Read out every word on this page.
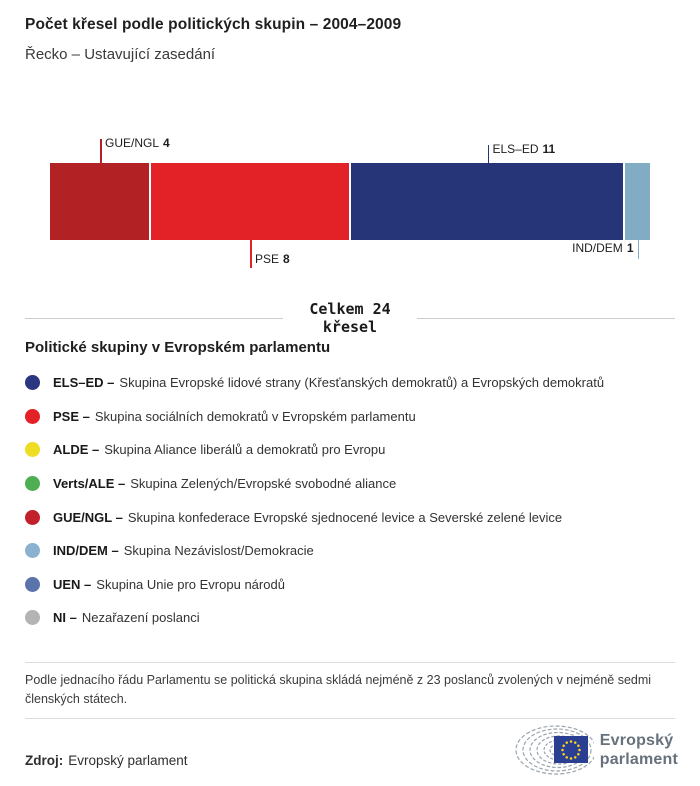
Počet křesel podle politických skupin – 2004–2009
Řecko – Ustavující zasedání
GUE/NGL 4
PSE 8
ELS–ED 11
IND/DEM 1
Celkem 24
křesel
Politické skupiny v Evropském parlamentu
ELS–ED – Skupina Evropské lidové strany (Křesťanských demokratů) a Evropských demokratů
PSE – Skupina sociálních demokratů v Evropském parlamentu
ALDE – Skupina Aliance liberálů a demokratů pro Evropu
Verts/ALE – Skupina Zelených/Evropské svobodné aliance
GUE/NGL – Skupina konfederace Evropské sjednocené levice a Severské zelené levice
IND/DEM – Skupina Nezávislost/Demokracie
UEN – Skupina Unie pro Evropu národů
NI – Nezařazení poslanci
Podle jednacího řádu Parlamentu se politická skupina skládá nejméně z 23 poslanců zvolených v nejméně sedmi členských státech.
Zdroj: Evropský parlament
Evropský
parlament
